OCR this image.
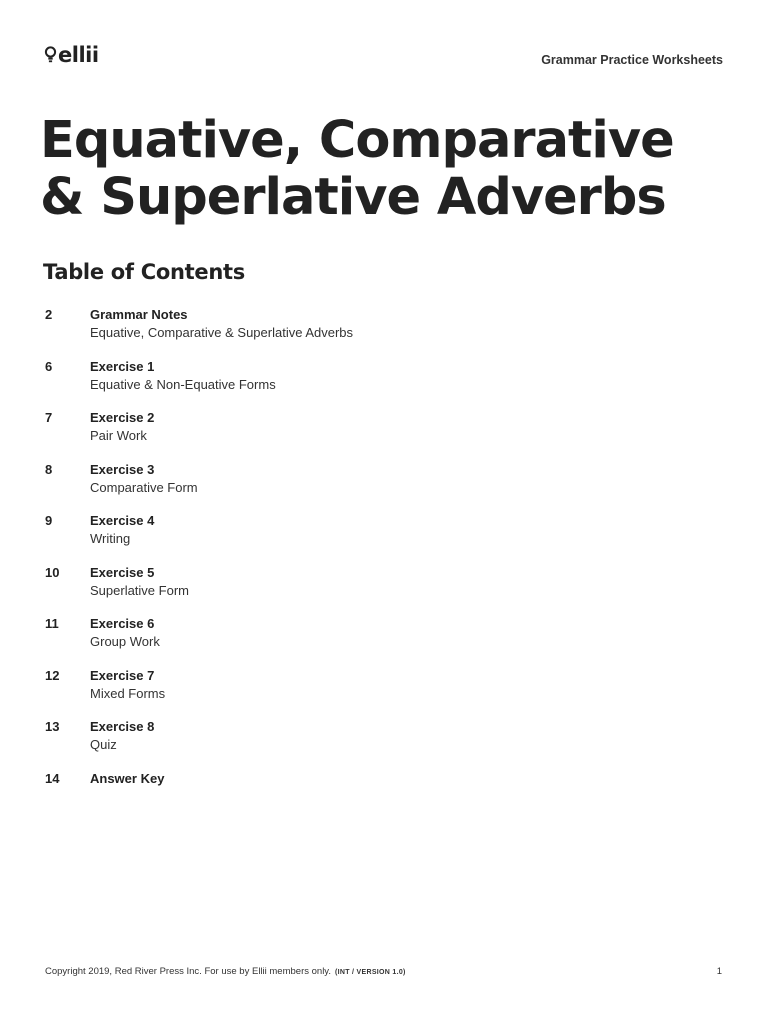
ellii	Grammar Practice Worksheets
Equative, Comparative
& Superlative Adverbs
Table of Contents
2	Grammar Notes
Equative, Comparative & Superlative Adverbs
6	Exercise 1
Equative & Non-Equative Forms
7	Exercise 2
Pair Work
8	Exercise 3
Comparative Form
9	Exercise 4
Writing
10 Exercise 5
Superlative Form
11 Exercise 6
Group Work
12 Exercise 7
Mixed Forms
13 Exercise 8
Quiz
14 Answer Key
Copyright 2019, Red River Press Inc. For use by Ellii members only. (INT / VERSION 1.0)	1
